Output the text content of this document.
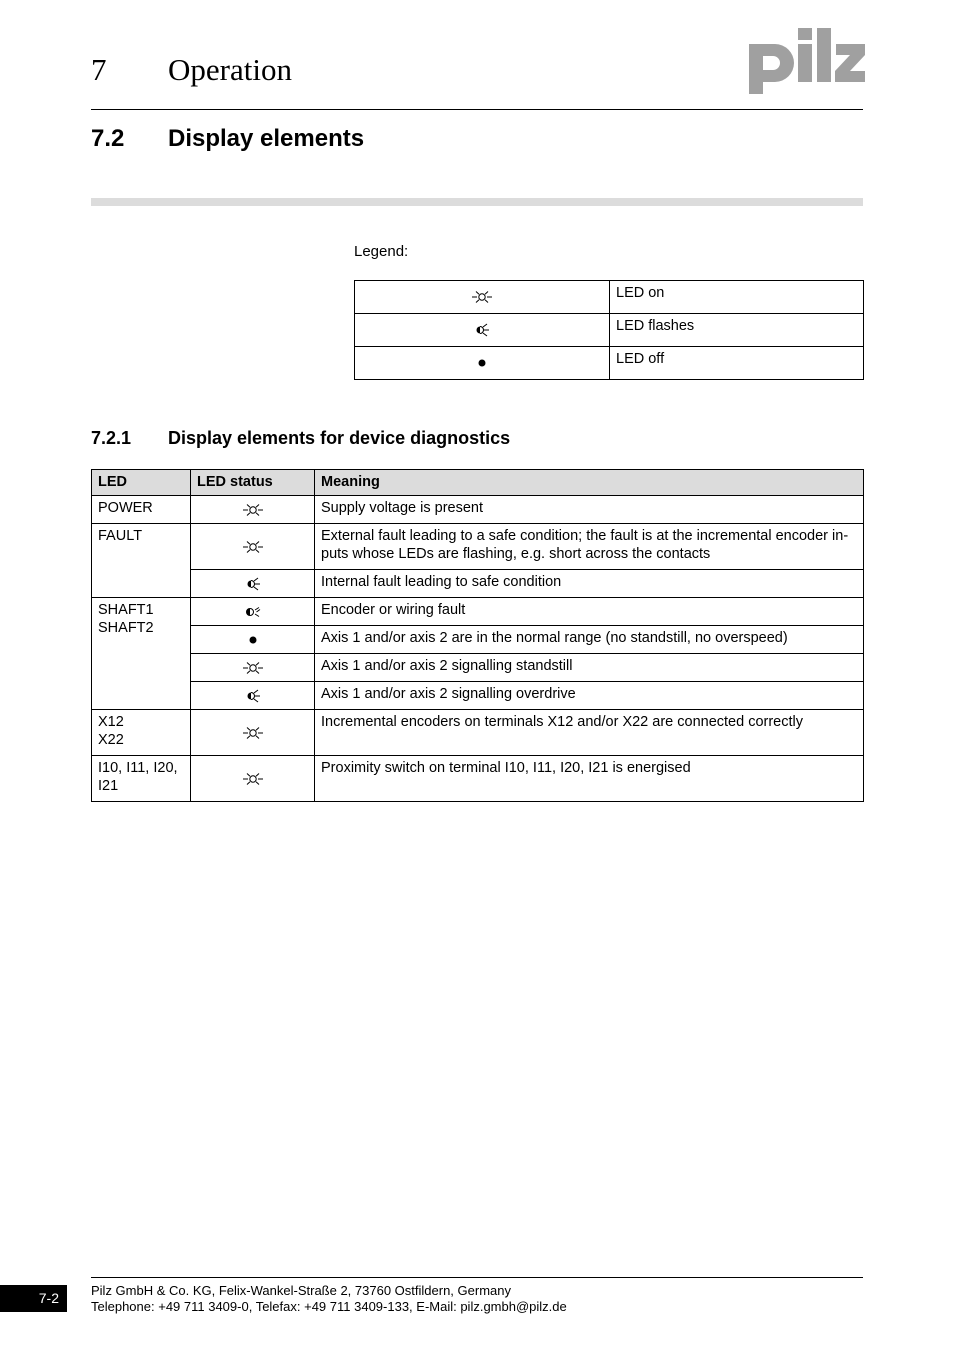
7 Operation
7.2 Display elements
Legend:
	LED on
	LED flashes
	LED off
7.2.1 Display elements for device diagnostics
LED	LED status	Meaning

POWER		Supply voltage is present

FAULT		External fault leading to a safe condition; the fault is at the incremental encoder in-puts whose LEDs are flashing, e.g. short across the contacts
	Internal fault leading to safe condition

SHAFT1
SHAFT2		Encoder or wiring fault
	Axis 1 and/or axis 2 are in the normal range (no standstill, no overspeed)
	Axis 1 and/or axis 2 signalling standstill
	Axis 1 and/or axis 2 signalling overdrive

X12
X22		Incremental encoders on terminals X12 and/or X22 are connected correctly

I10, I11, I20,
I21		Proximity switch on terminal I10, I11, I20, I21 is energised
7-2	Pilz GmbH & Co. KG, Felix-Wankel-Straße 2, 73760 Ostfildern, Germany
Telephone: +49 711 3409-0, Telefax: +49 711 3409-133, E-Mail: pilz.gmbh@pilz.de
